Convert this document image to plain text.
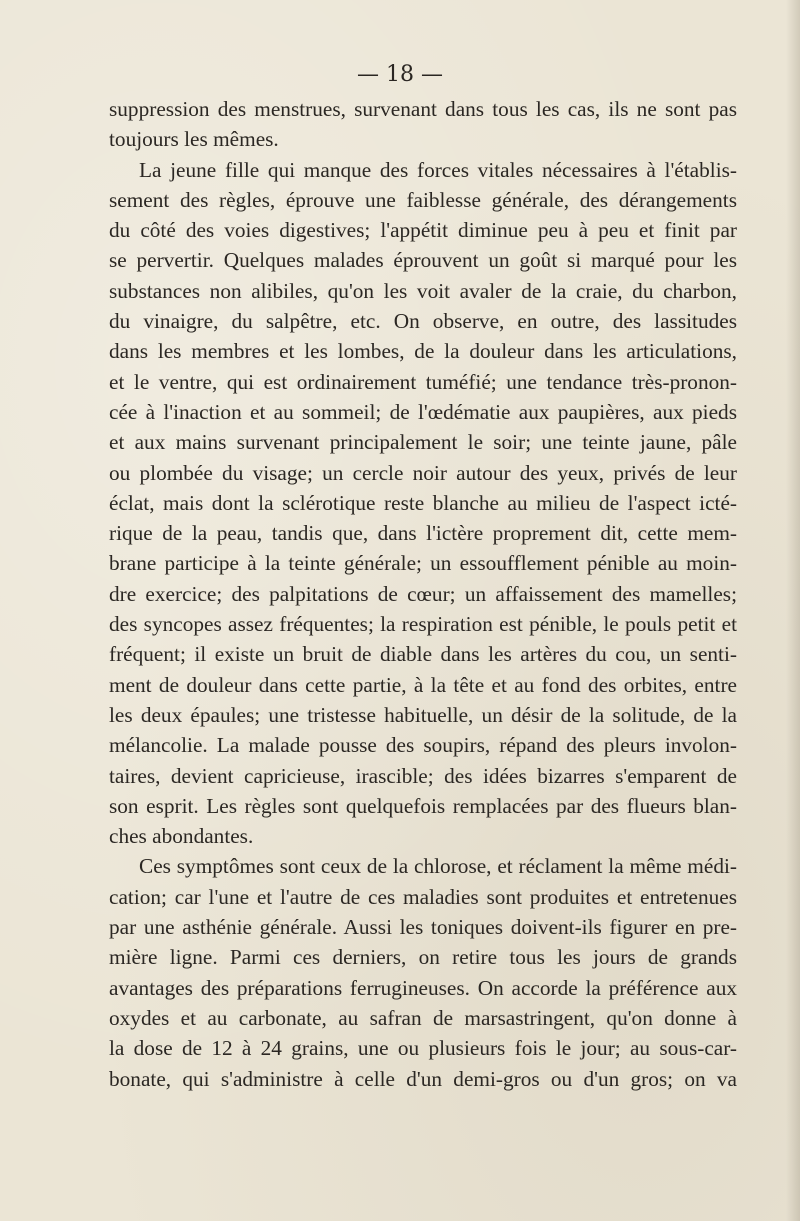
— 18 —
suppression des menstrues, survenant dans tous les cas, ils ne sont pas
toujours les mêmes.
La jeune fille qui manque des forces vitales nécessaires à l'établis-
sement des règles, éprouve une faiblesse générale, des dérangements
du côté des voies digestives; l'appétit diminue peu à peu et finit par
se pervertir. Quelques malades éprouvent un goût si marqué pour les
substances non alibiles, qu'on les voit avaler de la craie, du charbon,
du vinaigre, du salpêtre, etc. On observe, en outre, des lassitudes
dans les membres et les lombes, de la douleur dans les articulations,
et le ventre, qui est ordinairement tuméfié; une tendance très-pronon-
cée à l'inaction et au sommeil; de l'œdématie aux paupières, aux pieds
et aux mains survenant principalement le soir; une teinte jaune, pâle
ou plombée du visage; un cercle noir autour des yeux, privés de leur
éclat, mais dont la sclérotique reste blanche au milieu de l'aspect icté-
rique de la peau, tandis que, dans l'ictère proprement dit, cette mem-
brane participe à la teinte générale; un essoufflement pénible au moin-
dre exercice; des palpitations de cœur; un affaissement des mamelles;
des syncopes assez fréquentes; la respiration est pénible, le pouls petit et
fréquent; il existe un bruit de diable dans les artères du cou, un senti-
ment de douleur dans cette partie, à la tête et au fond des orbites, entre
les deux épaules; une tristesse habituelle, un désir de la solitude, de la
mélancolie. La malade pousse des soupirs, répand des pleurs involon-
taires, devient capricieuse, irascible; des idées bizarres s'emparent de
son esprit. Les règles sont quelquefois remplacées par des flueurs blan-
ches abondantes.
Ces symptômes sont ceux de la chlorose, et réclament la même médi-
cation; car l'une et l'autre de ces maladies sont produites et entretenues
par une asthénie générale. Aussi les toniques doivent-ils figurer en pre-
mière ligne. Parmi ces derniers, on retire tous les jours de grands
avantages des préparations ferrugineuses. On accorde la préférence aux
oxydes et au carbonate, au safran de marsastringent, qu'on donne à
la dose de 12 à 24 grains, une ou plusieurs fois le jour; au sous-car-
bonate, qui s'administre à celle d'un demi-gros ou d'un gros; on va
